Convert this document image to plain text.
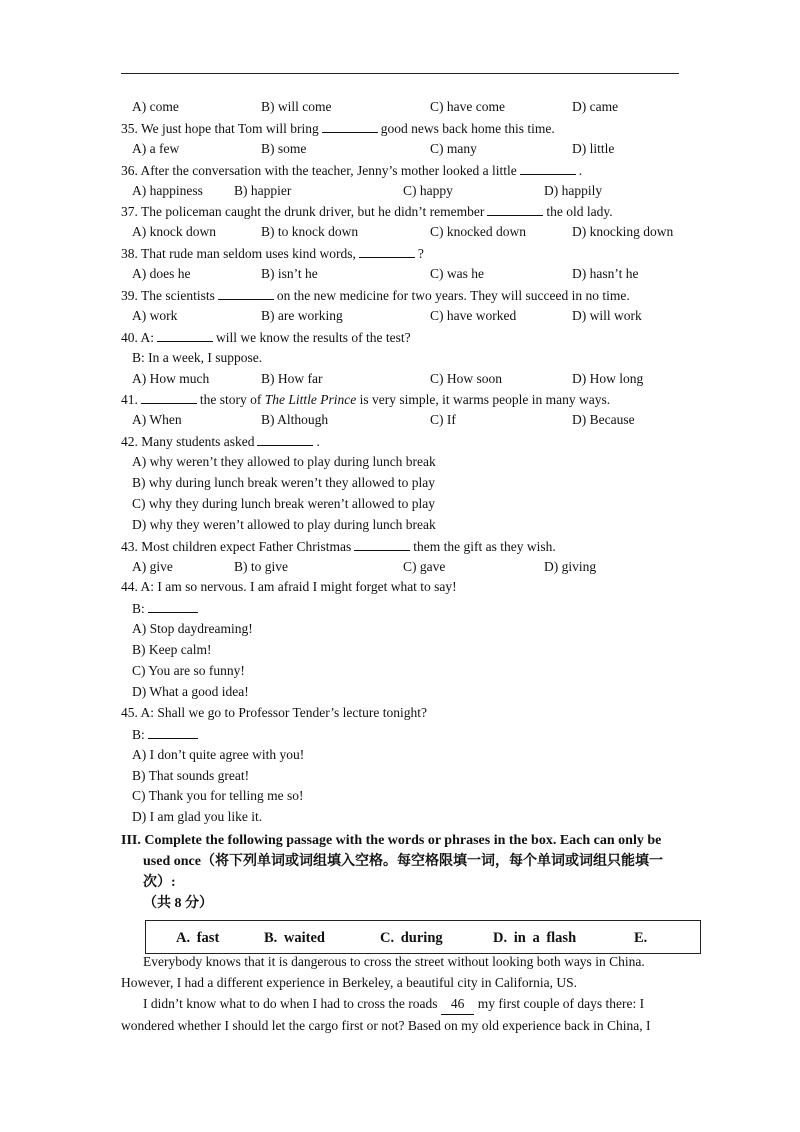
A) come	B) will come	C) have come	D) came
35. We just hope that Tom will bring	good news back home this time.
A) a few	B) some	C) many	D) little
36. After the conversation with the teacher, Jenny’s mother looked a little	.
A) happiness B) happier	C) happy	D) happily
37. The policeman caught the drunk driver, but he didn’t remember	the old lady.
A) knock down	B) to knock down	C) knocked down	D) knocking down
38. That rude man seldom uses kind words,	?
A) does he	B) isn’t he	C) was he	D) hasn’t he
39. The scientists	on the new medicine for two years. They will succeed in no time.
A) work	B) are working	C) have worked	D) will work
40. A:	will we know the results of the test?
B: In a week, I suppose.
A) How much	B) How far	C) How soon	D) How long
41.	the story of The Little Prince is very simple, it warms people in many ways.
A) When	B) Although	C) If	D) Because
42. Many students asked	.
A) why weren’t they allowed to play during lunch break
B) why during lunch break weren’t they allowed to play
C) why they during lunch break weren’t allowed to play
D) why they weren’t allowed to play during lunch break
43. Most children expect Father Christmas	them the gift as they wish.
A) give	B) to give	C) gave	D) giving
44. A: I am so nervous. I am afraid I might forget what to say!
B:
A) Stop daydreaming!
B) Keep calm!
C) You are so funny!
D) What a good idea!
45. A: Shall we go to Professor Tender’s lecture tonight?
B:
A) I don’t quite agree with you!
B) That sounds great!
C) Thank you for telling me so!
D) I am glad you like it.
III. Complete the following passage with the words or phrases in the box. Each can only be
used once（将下列单词或词组填入空格。每空格限填一词，每个单词或词组只能填一次）:
（共 8 分）
A. fast	B. waited	C. during	D. in a flash	E.

Everybody knows that it is dangerous to cross the street without looking both ways in China. However, I had a different experience in Berkeley, a beautiful city in California, US.

I didn’t know what to do when I had to cross the roads 46 my first couple of days there: I wondered whether I should let the cargo first or not? Based on my old experience back in China, I
